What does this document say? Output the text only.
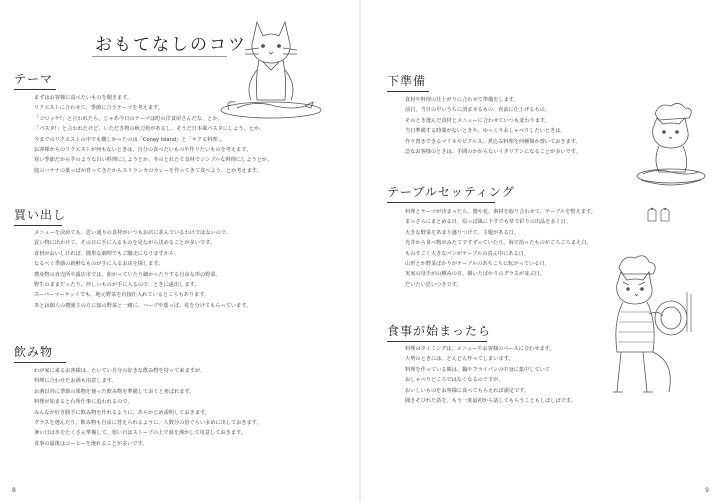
おもてなしのコツ
テーマ
まずはお客様に食べたいものを聞きます。
リクエストに合わせて、季節に合うテーマを考えます。
「コロッケ!」と言われたら、じゃあ今日のテーマは町の洋食屋さんだな、とか。
「パスタ!」と言われたけど、いただき物の秋刀魚があるし、そうだ日本風パスタにしよう、とか。
今までのリクエストの中でも難しかったのは「Coney Island」と「キアる料理」。
お客様からのリクエストが何もないときは、自分の食べたいものや作りたいものを考えます。
寒い季節だから芋のような白い料理にしようとか、冬のとれたて食材でシンプルな料理にしようとか。
庭のハナナの葉っぱが育ってきたからスリランカのカレーを作ってきて食べよう、とか考えます。
買い出し
メニューを決めても、思い通りの食材がいつもお店に並んでいるわけではないので、
買い物に出かけて、その日に手に入るものを見ながら決めることが多いです。
食材がおいしければ、簡単な調理でもご馳走になりますから、
なるべく季節の新鮮なものが手に入るお店を探します。
農産物の直売所や露店市では、曲がっていたり細かったりする自由な形の野菜、
野生のままだったり、珍しいものが手に入るので、ときに遠出します。
スーパーマーケットでも、地元野菜を直接仕入れているところもあります。
あとは個人の農園主の方に知の野菜と一緒に、ハーブや葉っぱ、花を分けてもらっています。
飲み物
わが家に来るお客様は、たいてい自分の好きな飲み物を持って来ますが、
料理に合わせたお酒も用意します。
お酒以外に季節の果物を使った飲み物を準備しておくと喜ばれます。
料理が始まると台所仕事に追われるので、
みんなが好き勝手に飲み物を作れるように、あらかじめ説明しておきます。
グラスを選んだり、飲み物も自由に替えられるように、人数分の倍ぐらい多めに出しておきます。
暑い日は氷をたくさん準備して、寒い日はストーブの上で湯を沸かして用意しておきます。
食事の最後はコーヒーを淹れることが多いです。
8
下準備
食材や料理の仕上がりに合わせて準備をします。
前日、当日の早いうちに済ませるもの、直前に仕上げるもの、
そのとき選んだ食材とメニューに合わせていつも変わります。
当日準備する時間がないときや、ゆっくりおしゃべりしたいときは、
作り置きできるマリネやピクルス、煮込み料理を何種類か置いておきます。
急なお客様のときは、手間のかからないイタリアンになることが多いです。
テーブルセッティング
料理とテーマが決まったら、器や花、素材を取り合わせて、テーブルを整えます。
まっさらにまとめる日、原っぱ風に下すでも草で彩りの出品を多く日、
大きな野菜をあまり盛りつけて、主題がある日。
光井から食べ物がみたてですずっていたり、海で拾ったものがごろごろまえ白。
ものすごく大きなパンがテーブルの真ん中にある日、
山形とか野菜ばかりがテーブルのあちこちに転がっている日、
実家の母手が山積みの日、描いたばかりのグラスが並ぶ日。
だいたい思いつきです。
食事が始まったら
料理のタイミングは、メニューやお客様のペースに合わせます。
大勢のときには、どんどん作ってしまいます。
料理を作っている間は、鍋やフライパンの中身に集中していて
おしゃべりどころではなくなるのですが、
おいしいものをお客様に食べてもらえれば満足です。
聞きそびれた話を、もう一度最初から話してもらうこともしばしばです。
9
